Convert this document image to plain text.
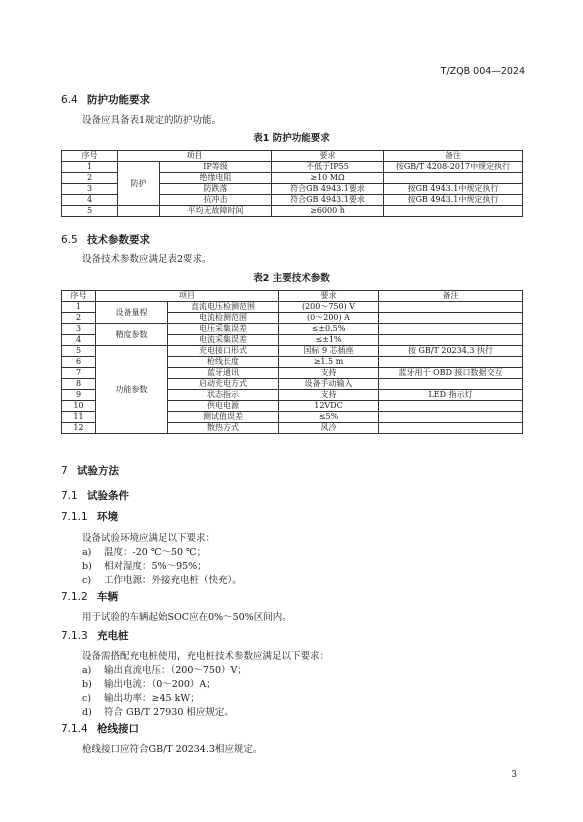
T/ZQB 004—2024
6.4 防护功能要求
设备应具备表1规定的防护功能。
表1 防护功能要求
序号	项目		要求	备注
1	防护	IP等级	不低于IP55	按GB/T 4208-2017中规定执行
2		绝缘电阻	≥10 MΩ	
3		防跌落	符合GB 4943.1要求	按GB 4943.1中规定执行
4		抗冲击	符合GB 4943.1要求	按GB 4943.1中规定执行
5		平均无故障时间	≥6000 h	
6.5 技术参数要求
设备技术参数应满足表2要求。
表2 主要技术参数
序号	项目		要求	备注
1	设备量程	直流电压检测范围	(200～750) V	
2		电流检测范围	(0～200) A	
3	精度参数	电压采集误差	≤±0.5%	
4		电流采集误差	≤±1%	
5	功能参数	充电接口形式	国标 9 芯插座	按 GB/T 20234.3 执行
6		枪线长度	≥1.5 m	
7		蓝牙通讯	支持	蓝牙用于 OBD 接口数据交互
8		启动充电方式	设备手动输入	
9		状态指示	支持	LED 指示灯
10		供电电源	12VDC	
11		测试值误差	≤5%	
12		散热方式	风冷	
7 试验方法
7.1 试验条件
7.1.1 环境
设备试验环境应满足以下要求：
a) 温度：-20 ℃～50 ℃；
b) 相对湿度：5%～95%；
c) 工作电源：外接充电桩（快充）。
7.1.2 车辆
用于试验的车辆起始SOC应在0%～50%区间内。
7.1.3 充电桩
设备需搭配充电桩使用，充电桩技术参数应满足以下要求：
a) 输出直流电压：（200～750）V；
b) 输出电流：（0～200）A；
c) 输出功率：≥45 kW；
d) 符合 GB/T 27930 相应规定。
7.1.4 枪线接口
枪线接口应符合GB/T 20234.3相应规定。
3
